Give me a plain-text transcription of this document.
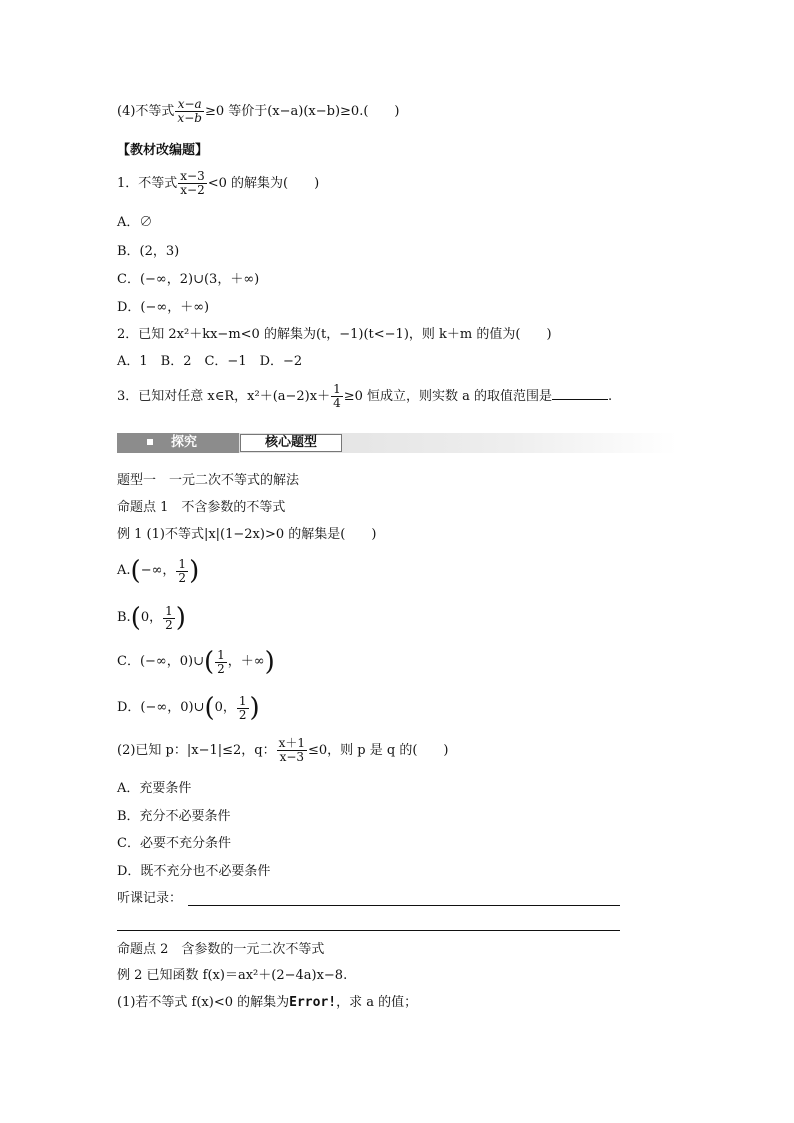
(4)不等式 $\frac{x-a}{x-b} \ge 0$ 等价于(x−a)(x−b)≥0.(　　)
【教材改编题】
1．不等式 $\frac{x-3}{x-2} <0$ 的解集为(　　)
A．∅
B．(2，3)
C．(−∞，2)∪(3，＋∞)
D．(−∞，＋∞)
2．已知 2x²＋kx−m<0 的解集为(t，−1)(t<−1)，则 k＋m 的值为(　　)
A．1　B．2　C．−1　D．−2
3．已知对任意 x∈R，$x^2+(a-2)x+ \frac{1}{4} \ge 0$ 恒成立，则实数 a 的取值范围是	.
探究	核心题型
题型一　一元二次不等式的解法
命题点 1　不含参数的不等式
例 1 (1)不等式|x|(1−2x)>0 的解集是(　　)
A. ( −∞， $\frac{1}{2}$ )
B. ( 0， $\frac{1}{2}$ )
C．(−∞，0)∪ ( $\frac{1}{2}$ ，＋∞ )
D．(−∞，0)∪ ( 0， $\frac{1}{2}$ )
(2)已知 p：|x−1|≤2，q： $\frac{x+1}{x-3} \le 0$，则 p 是 q 的(　　)
A．充要条件
B．充分不必要条件
C．必要不充分条件
D．既不充分也不必要条件
听课记录：
命题点 2　含参数的一元二次不等式
例 2 已知函数 f(x)＝ax²＋(2−4a)x−8.
(1)若不等式 f(x)<0 的解集为Error!，求 a 的值；
